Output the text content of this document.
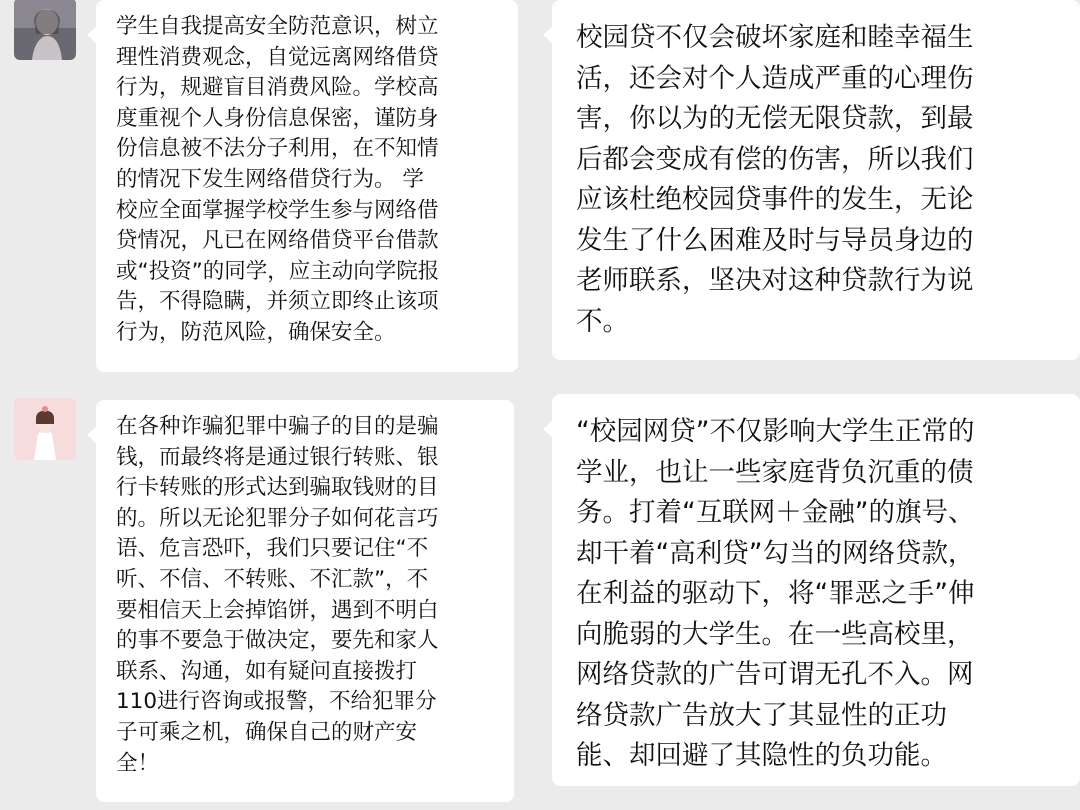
学生自我提高安全防范意识，树立
理性消费观念，自觉远离网络借贷
行为，规避盲目消费风险。学校高
度重视个人身份信息保密，谨防身
份信息被不法分子利用，在不知情
的情况下发生网络借贷行为。 学
校应全面掌握学校学生参与网络借
贷情况，凡已在网络借贷平台借款
或“投资”的同学，应主动向学院报
告，不得隐瞒，并须立即终止该项
行为，防范风险，确保安全。
校园贷不仅会破坏家庭和睦幸福生
活，还会对个人造成严重的心理伤
害，你以为的无偿无限贷款，到最
后都会变成有偿的伤害，所以我们
应该杜绝校园贷事件的发生，无论
发生了什么困难及时与导员身边的
老师联系，坚决对这种贷款行为说
不。
在各种诈骗犯罪中骗子的目的是骗
钱，而最终将是通过银行转账、银
行卡转账的形式达到骗取钱财的目
的。所以无论犯罪分子如何花言巧
语、危言恐吓，我们只要记住“不
听、不信、不转账、不汇款”，不
要相信天上会掉馅饼，遇到不明白
的事不要急于做决定，要先和家人
联系、沟通，如有疑问直接拨打
110进行咨询或报警，不给犯罪分
子可乘之机，确保自己的财产安
全！
“校园网贷”不仅影响大学生正常的
学业，也让一些家庭背负沉重的债
务。打着“互联网＋金融”的旗号、
却干着“高利贷”勾当的网络贷款，
在利益的驱动下，将“罪恶之手”伸
向脆弱的大学生。在一些高校里，
网络贷款的广告可谓无孔不入。网
络贷款广告放大了其显性的正功
能、却回避了其隐性的负功能。
